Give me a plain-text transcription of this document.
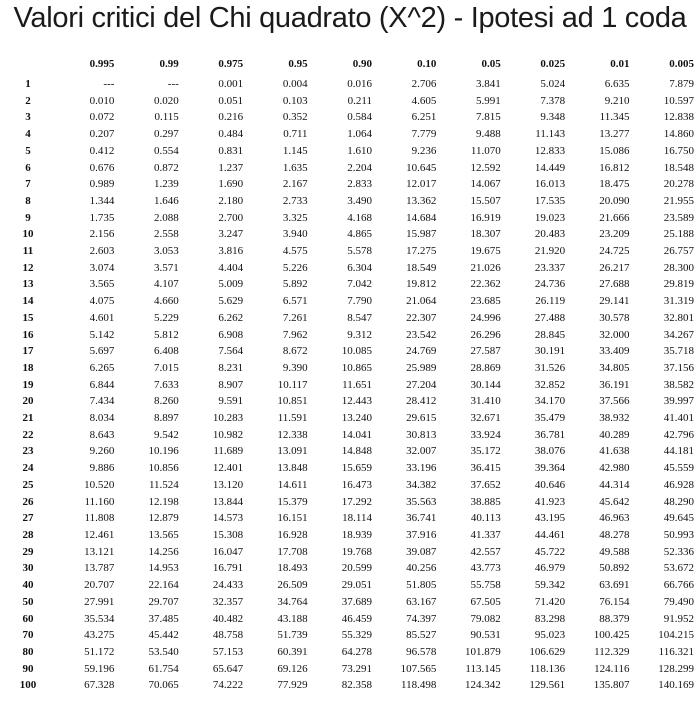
Valori critici del Chi quadrato (X^2) - Ipotesi ad 1 coda
	0.995	0.99	0.975	0.95	0.90	0.10	0.05	0.025	0.01	0.005

1	---	---	0.001	0.004	0.016	2.706	3.841	5.024	6.635	7.879
2	0.010	0.020	0.051	0.103	0.211	4.605	5.991	7.378	9.210	10.597
3	0.072	0.115	0.216	0.352	0.584	6.251	7.815	9.348	11.345	12.838
4	0.207	0.297	0.484	0.711	1.064	7.779	9.488	11.143	13.277	14.860
5	0.412	0.554	0.831	1.145	1.610	9.236	11.070	12.833	15.086	16.750
6	0.676	0.872	1.237	1.635	2.204	10.645	12.592	14.449	16.812	18.548
7	0.989	1.239	1.690	2.167	2.833	12.017	14.067	16.013	18.475	20.278
8	1.344	1.646	2.180	2.733	3.490	13.362	15.507	17.535	20.090	21.955
9	1.735	2.088	2.700	3.325	4.168	14.684	16.919	19.023	21.666	23.589
10	2.156	2.558	3.247	3.940	4.865	15.987	18.307	20.483	23.209	25.188
11	2.603	3.053	3.816	4.575	5.578	17.275	19.675	21.920	24.725	26.757
12	3.074	3.571	4.404	5.226	6.304	18.549	21.026	23.337	26.217	28.300
13	3.565	4.107	5.009	5.892	7.042	19.812	22.362	24.736	27.688	29.819
14	4.075	4.660	5.629	6.571	7.790	21.064	23.685	26.119	29.141	31.319
15	4.601	5.229	6.262	7.261	8.547	22.307	24.996	27.488	30.578	32.801
16	5.142	5.812	6.908	7.962	9.312	23.542	26.296	28.845	32.000	34.267
17	5.697	6.408	7.564	8.672	10.085	24.769	27.587	30.191	33.409	35.718
18	6.265	7.015	8.231	9.390	10.865	25.989	28.869	31.526	34.805	37.156
19	6.844	7.633	8.907	10.117	11.651	27.204	30.144	32.852	36.191	38.582
20	7.434	8.260	9.591	10.851	12.443	28.412	31.410	34.170	37.566	39.997
21	8.034	8.897	10.283	11.591	13.240	29.615	32.671	35.479	38.932	41.401
22	8.643	9.542	10.982	12.338	14.041	30.813	33.924	36.781	40.289	42.796
23	9.260	10.196	11.689	13.091	14.848	32.007	35.172	38.076	41.638	44.181
24	9.886	10.856	12.401	13.848	15.659	33.196	36.415	39.364	42.980	45.559
25	10.520	11.524	13.120	14.611	16.473	34.382	37.652	40.646	44.314	46.928
26	11.160	12.198	13.844	15.379	17.292	35.563	38.885	41.923	45.642	48.290
27	11.808	12.879	14.573	16.151	18.114	36.741	40.113	43.195	46.963	49.645
28	12.461	13.565	15.308	16.928	18.939	37.916	41.337	44.461	48.278	50.993
29	13.121	14.256	16.047	17.708	19.768	39.087	42.557	45.722	49.588	52.336
30	13.787	14.953	16.791	18.493	20.599	40.256	43.773	46.979	50.892	53.672
40	20.707	22.164	24.433	26.509	29.051	51.805	55.758	59.342	63.691	66.766
50	27.991	29.707	32.357	34.764	37.689	63.167	67.505	71.420	76.154	79.490
60	35.534	37.485	40.482	43.188	46.459	74.397	79.082	83.298	88.379	91.952
70	43.275	45.442	48.758	51.739	55.329	85.527	90.531	95.023	100.425	104.215
80	51.172	53.540	57.153	60.391	64.278	96.578	101.879	106.629	112.329	116.321
90	59.196	61.754	65.647	69.126	73.291	107.565	113.145	118.136	124.116	128.299
100	67.328	70.065	74.222	77.929	82.358	118.498	124.342	129.561	135.807	140.169
